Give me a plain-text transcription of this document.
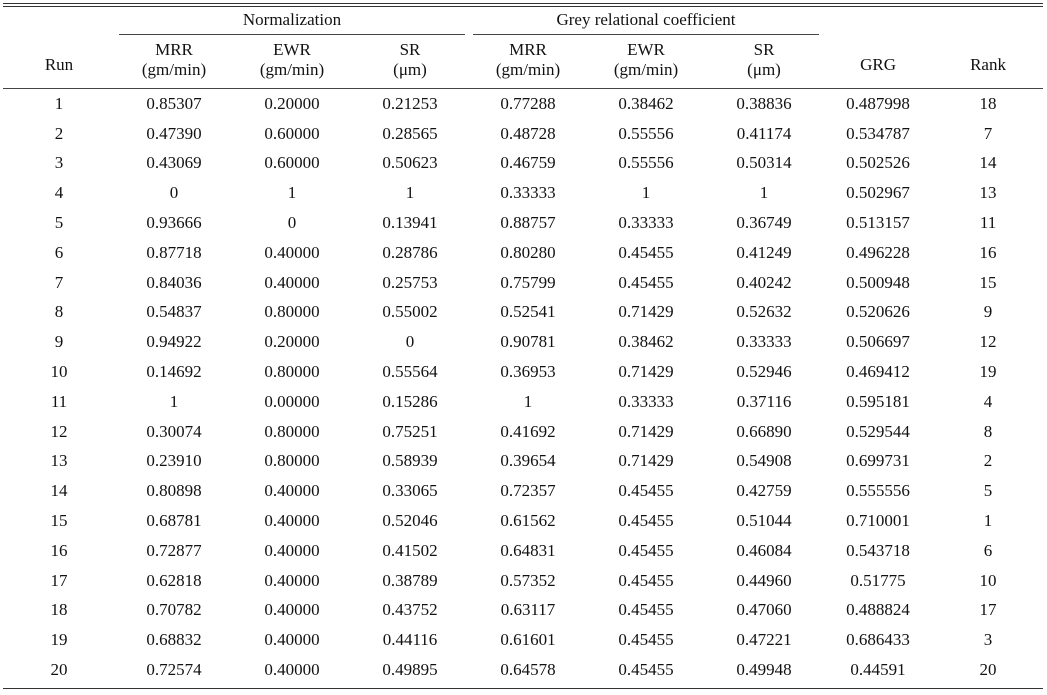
Run	Normalization			Grey relational coefficient			GRG	Rank
	MRR	EWR	SR	MRR	EWR	SR		
	(gm/min)	(gm/min)	(μm)	(gm/min)	(gm/min)	(μm)		
1	0.85307	0.20000	0.21253	0.77288	0.38462	0.38836	0.487998	18
2	0.47390	0.60000	0.28565	0.48728	0.55556	0.41174	0.534787	7
3	0.43069	0.60000	0.50623	0.46759	0.55556	0.50314	0.502526	14
4	0	1	1	0.33333	1	1	0.502967	13
5	0.93666	0	0.13941	0.88757	0.33333	0.36749	0.513157	11
6	0.87718	0.40000	0.28786	0.80280	0.45455	0.41249	0.496228	16
7	0.84036	0.40000	0.25753	0.75799	0.45455	0.40242	0.500948	15
8	0.54837	0.80000	0.55002	0.52541	0.71429	0.52632	0.520626	9
9	0.94922	0.20000	0	0.90781	0.38462	0.33333	0.506697	12
10	0.14692	0.80000	0.55564	0.36953	0.71429	0.52946	0.469412	19
11	1	0.00000	0.15286	1	0.33333	0.37116	0.595181	4
12	0.30074	0.80000	0.75251	0.41692	0.71429	0.66890	0.529544	8
13	0.23910	0.80000	0.58939	0.39654	0.71429	0.54908	0.699731	2
14	0.80898	0.40000	0.33065	0.72357	0.45455	0.42759	0.555556	5
15	0.68781	0.40000	0.52046	0.61562	0.45455	0.51044	0.710001	1
16	0.72877	0.40000	0.41502	0.64831	0.45455	0.46084	0.543718	6
17	0.62818	0.40000	0.38789	0.57352	0.45455	0.44960	0.51775	10
18	0.70782	0.40000	0.43752	0.63117	0.45455	0.47060	0.488824	17
19	0.68832	0.40000	0.44116	0.61601	0.45455	0.47221	0.686433	3
20	0.72574	0.40000	0.49895	0.64578	0.45455	0.49948	0.44591	20
